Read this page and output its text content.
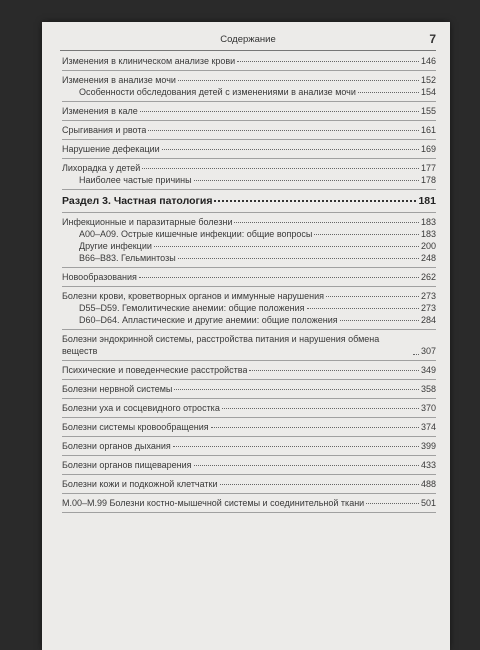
Содержание	7
Изменения в клиническом анализе крови	146
Изменения в анализе мочи	152
Особенности обследования детей с изменениями в анализе мочи	154
Изменения в кале	155
Срыгивания и рвота	161
Нарушение дефекации	169
Лихорадка у детей	177
Наиболее частые причины	178
Раздел 3. Частная патология	181
Инфекционные и паразитарные болезни	183
А00–А09. Острые кишечные инфекции: общие вопросы	183
Другие инфекции	200
В66–В83. Гельминтозы	248
Новообразования	262
Болезни крови, кроветворных органов и иммунные нарушения	273
D55–D59. Гемолитические анемии: общие положения	273
D60–D64. Апластические и другие анемии: общие положения	284
Болезни эндокринной системы, расстройства питания и нарушения обмена веществ	307
Психические и поведенческие расстройства	349
Болезни нервной системы	358
Болезни уха и сосцевидного отростка	370
Болезни системы кровообращения	374
Болезни органов дыхания	399
Болезни органов пищеварения	433
Болезни кожи и подкожной клетчатки	488
М.00–М.99 Болезни костно-мышечной системы и соединительной ткани	501
